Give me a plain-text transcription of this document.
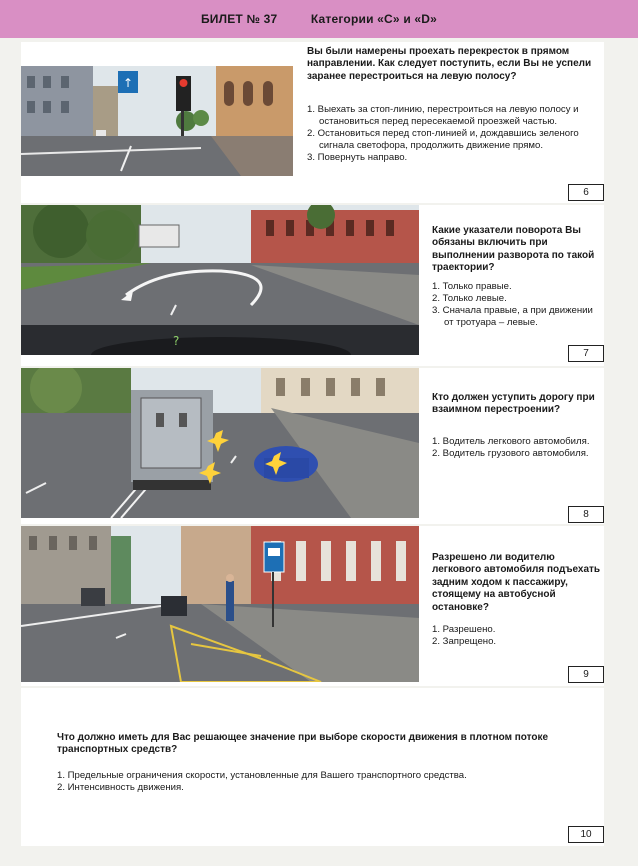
БИЛЕТ № 37	Категории «C» и «D»
↑
Вы были намерены проехать перекресток в прямом направлении. Как следует поступить, если Вы не успели заранее перестроиться на левую полосу?
1. Выехать за стоп-линию, перестроиться на левую полосу и остановиться перед пересекаемой проезжей частью.
2. Остановиться перед стоп-линией и, дождавшись зеленого сигнала светофора, продолжить движение прямо.
3. Повернуть направо.
6
?
Какие указатели поворота Вы обязаны включить при выполнении разворота по такой траектории?
1. Только правые.
2. Только левые.
3. Сначала правые, а при движении от тротуара – левые.
7
Кто должен уступить дорогу при взаимном перестроении?
1. Водитель легкового автомобиля.
2. Водитель грузового автомобиля.
8
Разрешено ли водителю легкового автомобиля подъехать задним ходом к пассажиру, стоящему на автобусной остановке?
1. Разрешено.
2. Запрещено.
9
Что должно иметь для Вас решающее значение при выборе скорости движения в плотном потоке транспортных средств?
1. Предельные ограничения скорости, установленные для Вашего транспортного средства.
2. Интенсивность движения.
10
